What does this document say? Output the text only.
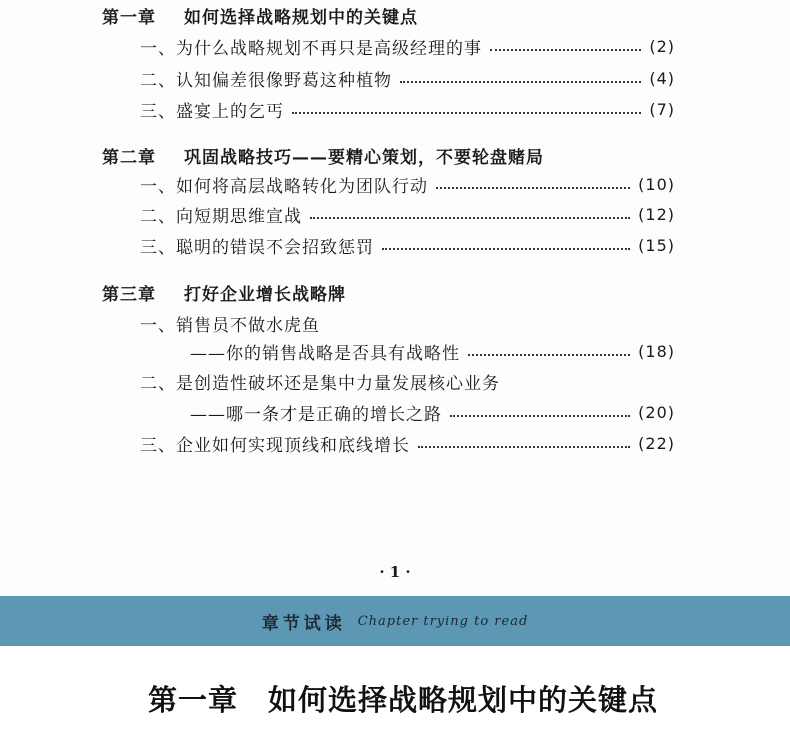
第一章 如何选择战略规划中的关键点
一、为什么战略规划不再只是高级经理的事	(2)
二、认知偏差很像野葛这种植物	(4)
三、盛宴上的乞丐	(7)
第二章 巩固战略技巧——要精心策划，不要轮盘赌局
一、如何将高层战略转化为团队行动	(10)
二、向短期思维宣战	(12)
三、聪明的错误不会招致惩罚	(15)
第三章 打好企业增长战略牌
一、销售员不做水虎鱼
——你的销售战略是否具有战略性	(18)
二、是创造性破坏还是集中力量发展核心业务
——哪一条才是正确的增长之路	(20)
三、企业如何实现顶线和底线增长	(22)
· 1 ·
章节试读 Chapter trying to read
第一章 如何选择战略规划中的关键点
